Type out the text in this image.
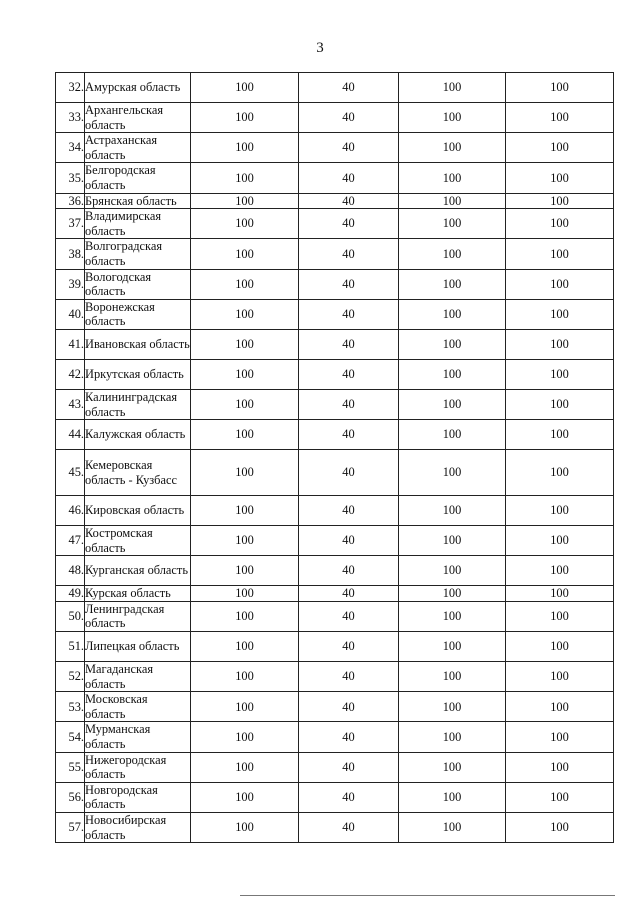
3
32.	Амурская область	100	40	100	100
33.	Архангельская область	100	40	100	100
34.	Астраханская область	100	40	100	100
35.	Белгородская область	100	40	100	100
36.	Брянская область	100	40	100	100
37.	Владимирская область	100	40	100	100
38.	Волгоградская область	100	40	100	100
39.	Вологодская область	100	40	100	100
40.	Воронежская область	100	40	100	100
41.	Ивановская область	100	40	100	100
42.	Иркутская область	100	40	100	100
43.	Калининградская область	100	40	100	100
44.	Калужская область	100	40	100	100
45.	Кемеровская область - Кузбасс	100	40	100	100
46.	Кировская область	100	40	100	100
47.	Костромская область	100	40	100	100
48.	Курганская область	100	40	100	100
49.	Курская область	100	40	100	100
50.	Ленинградская область	100	40	100	100
51.	Липецкая область	100	40	100	100
52.	Магаданская область	100	40	100	100
53.	Московская область	100	40	100	100
54.	Мурманская область	100	40	100	100
55.	Нижегородская область	100	40	100	100
56.	Новгородская область	100	40	100	100
57.	Новосибирская область	100	40	100	100
